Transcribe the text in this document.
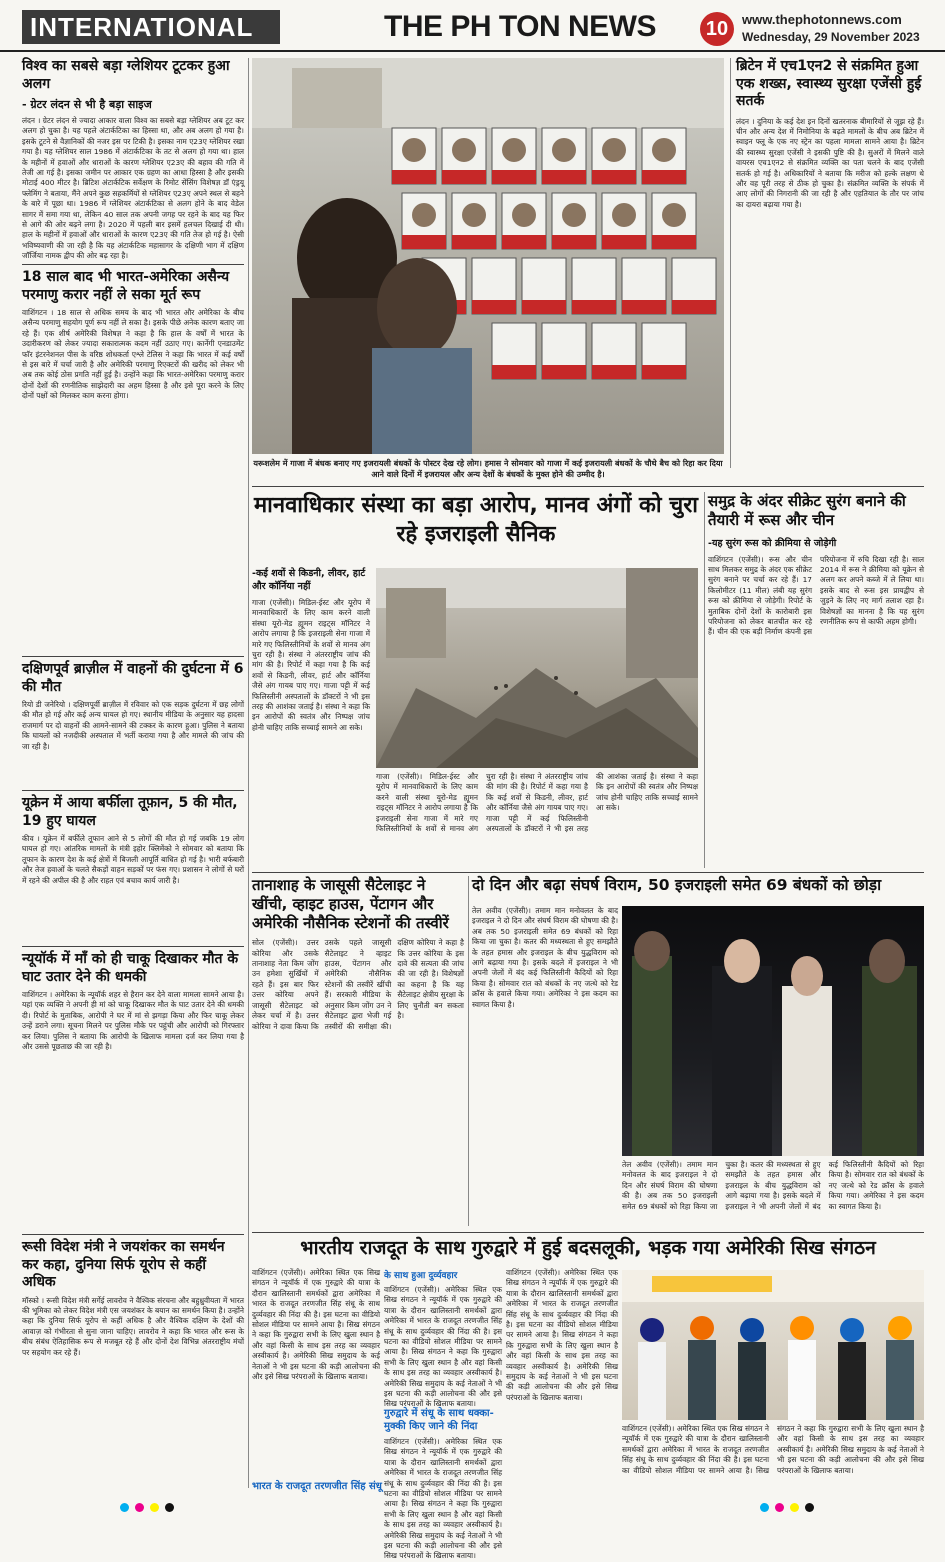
INTERNATIONAL	THE PH TON NEWS	10	www.thephotonnews.com
Wednesday, 29 November 2023
विश्व का सबसे बड़ा ग्लेशियर टूटकर हुआ अलग
- ग्रेटर लंदन से भी है बड़ा साइज
लंदन । ग्रेटर लंदन से ज्यादा आकार वाला विश्व का सबसे बड़ा ग्लेशियर अब टूट कर अलग हो चुका है। यह पहले अंटार्कटिका का हिस्सा था, और अब अलग हो गया है। इसके टूटने से वैज्ञानिकों की नजर इस पर टिकी है। इसका नाम ए23ए ग्लेशियर रखा गया है। यह ग्लेशियर साल 1986 में अंटार्कटिका के तट से अलग हो गया था। हाल के महीनों में हवाओं और धाराओं के कारण ग्लेशियर ए23ए की बहाव की गति में तेजी आ गई है। इसका जमीन पर आकार एक ग्रहण का आधा हिस्सा है और इसकी मोटाई 400 मीटर है। ब्रिटिश अंटार्कटिक सर्वेक्षण के रिमोट सेंसिंग विशेषज्ञ डॉ एंड्रयू फ्लेमिंग ने बताया, मैंने अपने कुछ सहकर्मियों से ग्लेशियर ए23ए अपने स्थल से बहने के बारे में पूछा था। 1986 में ग्लेशियर अंटार्कटिका से अलग होने के बाद वेडेल सागर में समा गया था, लेकिन 40 साल तक अपनी जगह पर रहने के बाद यह फिर से आगे की ओर बढ़ने लगा है। 2020 में पहली बार इसमें हलचल दिखाई दी थी। हाल के महीनों में हवाओं और धाराओं के कारण ए23ए की गति तेज हो गई है। ऐसी भविष्यवाणी की जा रही है कि यह अंटार्कटिक महासागर के दक्षिणी भाग में दक्षिण जॉर्जिया नामक द्वीप की ओर बढ़ रहा है।
18 साल बाद भी भारत-अमेरिका असैन्य परमाणु करार नहीं ले सका मूर्त रूप
वाशिंगटन । 18 साल से अधिक समय के बाद भी भारत और अमेरिका के बीच असैन्य परमाणु सहयोग पूर्ण रूप नहीं ले सका है। इसके पीछे अनेक कारण बताए जा रहे हैं। एक शीर्ष अमेरिकी विशेषज्ञ ने कहा है कि हाल के वर्षों में भारत के उदारीकरण को लेकर ज्यादा सकारात्मक कदम नहीं उठाए गए। कार्नेगी एनडाउमेंट फॉर इंटरनेशनल पीस के वरिष्ठ शोधकर्ता एश्ले टेलिस ने कहा कि भारत में कई वर्षों से इस बारे में चर्चा जारी है और अमेरिकी परमाणु रिएक्टरों की खरीद को लेकर भी अब तक कोई ठोस प्रगति नहीं हुई है। उन्होंने कहा कि भारत-अमेरिका परमाणु करार दोनों देशों की रणनीतिक साझेदारी का अहम हिस्सा है और इसे पूरा करने के लिए दोनों पक्षों को मिलकर काम करना होगा।
दक्षिणपूर्व ब्राज़ील में वाहनों की दुर्घटना में 6 की मौत
रियो डी जनेरियो । दक्षिणपूर्वी ब्राज़ील में रविवार को एक सड़क दुर्घटना में छह लोगों की मौत हो गई और कई अन्य घायल हो गए। स्थानीय मीडिया के अनुसार यह हादसा राजमार्ग पर दो वाहनों की आमने-सामने की टक्कर के कारण हुआ। पुलिस ने बताया कि घायलों को नजदीकी अस्पताल में भर्ती कराया गया है और मामले की जांच की जा रही है।
यूक्रेन में आया बर्फीला तूफ़ान, 5 की मौत, 19 हुए घायल
कीव । यूक्रेन में बर्फीले तूफान आने से 5 लोगों की मौत हो गई जबकि 19 लोग घायल हो गए। आंतरिक मामलों के मंत्री इहोर क्लिमेंको ने सोमवार को बताया कि तूफान के कारण देश के कई क्षेत्रों में बिजली आपूर्ति बाधित हो गई है। भारी बर्फबारी और तेज हवाओं के चलते सैकड़ों वाहन सड़कों पर फंस गए। प्रशासन ने लोगों से घरों में रहने की अपील की है और राहत एवं बचाव कार्य जारी है।
न्यूयॉर्क में माँ को ही चाकू दिखाकर मौत के घाट उतार देने की धमकी
वाशिंगटन । अमेरिका के न्यूयॉर्क शहर से हैरान कर देने वाला मामला सामने आया है। यहां एक व्यक्ति ने अपनी ही मां को चाकू दिखाकर मौत के घाट उतार देने की धमकी दी। रिपोर्ट के मुताबिक, आरोपी ने घर में मां से झगड़ा किया और फिर चाकू लेकर उन्हें डराने लगा। सूचना मिलने पर पुलिस मौके पर पहुंची और आरोपी को गिरफ्तार कर लिया। पुलिस ने बताया कि आरोपी के खिलाफ मामला दर्ज कर लिया गया है और उससे पूछताछ की जा रही है।
रूसी विदेश मंत्री ने जयशंकर का समर्थन कर कहा, दुनिया सिर्फ यूरोप से कहीं अधिक
मॉस्को । रूसी विदेश मंत्री सर्गेई लावरोव ने वैश्विक संरचना और बहुध्रुवीयता में भारत की भूमिका को लेकर विदेश मंत्री एस जयशंकर के बयान का समर्थन किया है। उन्होंने कहा कि दुनिया सिर्फ यूरोप से कहीं अधिक है और वैश्विक दक्षिण के देशों की आवाज़ को गंभीरता से सुना जाना चाहिए। लावरोव ने कहा कि भारत और रूस के बीच संबंध ऐतिहासिक रूप से मजबूत रहे हैं और दोनों देश विभिन्न अंतरराष्ट्रीय मंचों पर सहयोग कर रहे हैं।
यरूशलेम में गाजा में बंधक बनाए गए इजरायली बंधकों के पोस्टर देख रहे लोग। हमास ने सोमवार को गाजा में कई इजरायली बंधकों के चौथे बैच को रिहा कर दिया आने वाले दिनों में इजरायल और अन्य देशों के बंधकों के मुक्त होने की उम्मीद है।
ब्रिटेन में एच1एन2 से संक्रमित हुआ एक शख्स, स्वास्थ्य सुरक्षा एजेंसी हुई सतर्क
लंदन । दुनिया के कई देश इन दिनों खतरनाक बीमारियों से जूझ रहे हैं। चीन और अन्य देश में निमोनिया के बढ़ते मामलों के बीच अब ब्रिटेन में स्वाइन फ्लू के एक नए स्ट्रेन का पहला मामला सामने आया है। ब्रिटेन की स्वास्थ्य सुरक्षा एजेंसी ने इसकी पुष्टि की है। सुअरों में मिलने वाले वायरस एच1एन2 से संक्रमित व्यक्ति का पता चलने के बाद एजेंसी सतर्क हो गई है। अधिकारियों ने बताया कि मरीज को हल्के लक्षण थे और वह पूरी तरह से ठीक हो चुका है। संक्रमित व्यक्ति के संपर्क में आए लोगों की निगरानी की जा रही है और एहतियात के तौर पर जांच का दायरा बढ़ाया गया है।
मानवाधिकार संस्था का बड़ा आरोप, मानव अंगों को चुरा रहे इजराइली सैनिक
-कई शवों से किडनी, लीवर, हार्ट और कॉर्निया नहीं
गाजा (एजेंसी)। मिडिल-ईस्ट और यूरोप में मानवाधिकारों के लिए काम करने वाली संस्था यूरो-मेड ह्यूमन राइट्स मॉनिटर ने आरोप लगाया है कि इजराइली सेना गाजा में मारे गए फिलिस्तीनियों के शवों से मानव अंग चुरा रही है। संस्था ने अंतरराष्ट्रीय जांच की मांग की है। रिपोर्ट में कहा गया है कि कई शवों से किडनी, लीवर, हार्ट और कॉर्निया जैसे अंग गायब पाए गए। गाजा पट्टी में कई फिलिस्तीनी अस्पतालों के डॉक्टरों ने भी इस तरह की आशंका जताई है। संस्था ने कहा कि इन आरोपों की स्वतंत्र और निष्पक्ष जांच होनी चाहिए ताकि सच्चाई सामने आ सके।
गाजा (एजेंसी)। मिडिल-ईस्ट और यूरोप में मानवाधिकारों के लिए काम करने वाली संस्था यूरो-मेड ह्यूमन राइट्स मॉनिटर ने आरोप लगाया है कि इजराइली सेना गाजा में मारे गए फिलिस्तीनियों के शवों से मानव अंग चुरा रही है। संस्था ने अंतरराष्ट्रीय जांच की मांग की है। रिपोर्ट में कहा गया है कि कई शवों से किडनी, लीवर, हार्ट और कॉर्निया जैसे अंग गायब पाए गए। गाजा पट्टी में कई फिलिस्तीनी अस्पतालों के डॉक्टरों ने भी इस तरह की आशंका जताई है। संस्था ने कहा कि इन आरोपों की स्वतंत्र और निष्पक्ष जांच होनी चाहिए ताकि सच्चाई सामने आ सके।
समुद्र के अंदर सीक्रेट सुरंग बनाने की तैयारी में रूस और चीन
-यह सुरंग रूस को क्रीमिया से जोड़ेगी
वाशिंगटन (एजेंसी)। रूस और चीन साथ मिलकर समुद्र के अंदर एक सीक्रेट सुरंग बनाने पर चर्चा कर रहे हैं। 17 किलोमीटर (11 मील) लंबी यह सुरंग रूस को क्रीमिया से जोड़ेगी। रिपोर्ट के मुताबिक दोनों देशों के कारोबारी इस परियोजना को लेकर बातचीत कर रहे हैं। चीन की एक बड़ी निर्माण कंपनी इस परियोजना में रुचि दिखा रही है। साल 2014 में रूस ने क्रीमिया को यूक्रेन से अलग कर अपने कब्जे में ले लिया था। इसके बाद से रूस इस प्रायद्वीप से जुड़ने के लिए नए मार्ग तलाश रहा है। विशेषज्ञों का मानना है कि यह सुरंग रणनीतिक रूप से काफी अहम होगी।
तानाशाह के जासूसी सैटेलाइट ने खींची, व्हाइट हाउस, पेंटागन और अमेरिकी नौसैनिक स्टेशनों की तस्वीरें
सोल (एजेंसी)। उत्तर कोरिया और उसके तानाशाह नेता किम जोंग उन हमेशा सुर्खियों में रहते हैं। इस बार फिर उत्तर कोरिया अपने जासूसी सैटेलाइट को लेकर चर्चा में है। उत्तर कोरिया ने दावा किया कि उसके पहले जासूसी सैटेलाइट ने व्हाइट हाउस, पेंटागन और अमेरिकी नौसैनिक स्टेशनों की तस्वीरें खींची हैं। सरकारी मीडिया के अनुसार किम जोंग उन ने सैटेलाइट द्वारा भेजी गई तस्वीरों की समीक्षा की। दक्षिण कोरिया ने कहा है कि उत्तर कोरिया के इस दावे की सत्यता की जांच की जा रही है। विशेषज्ञों का कहना है कि यह सैटेलाइट क्षेत्रीय सुरक्षा के लिए चुनौती बन सकता है।
दो दिन और बढ़ा संघर्ष विराम, 50 इजराइली समेत 69 बंधकों को छोड़ा
तेल अवीव (एजेंसी)। तमाम मान मनोवलत के बाद इजराइल ने दो दिन और संघर्ष विराम की घोषणा की है। अब तक 50 इजराइली समेत 69 बंधकों को रिहा किया जा चुका है। कतर की मध्यस्थता से हुए समझौते के तहत हमास और इजराइल के बीच युद्धविराम को आगे बढ़ाया गया है। इसके बदले में इजराइल ने भी अपनी जेलों में बंद कई फिलिस्तीनी कैदियों को रिहा किया है। सोमवार रात को बंधकों के नए जत्थे को रेड क्रॉस के हवाले किया गया। अमेरिका ने इस कदम का स्वागत किया है।
तेल अवीव (एजेंसी)। तमाम मान मनोवलत के बाद इजराइल ने दो दिन और संघर्ष विराम की घोषणा की है। अब तक 50 इजराइली समेत 69 बंधकों को रिहा किया जा चुका है। कतर की मध्यस्थता से हुए समझौते के तहत हमास और इजराइल के बीच युद्धविराम को आगे बढ़ाया गया है। इसके बदले में इजराइल ने भी अपनी जेलों में बंद कई फिलिस्तीनी कैदियों को रिहा किया है। सोमवार रात को बंधकों के नए जत्थे को रेड क्रॉस के हवाले किया गया। अमेरिका ने इस कदम का स्वागत किया है।
भारतीय राजदूत के साथ गुरुद्वारे में हुई बदसलूकी, भड़क गया अमेरिकी सिख संगठन
वाशिंगटन (एजेंसी)। अमेरिका स्थित एक सिख संगठन ने न्यूयॉर्क में एक गुरुद्वारे की यात्रा के दौरान खालिस्तानी समर्थकों द्वारा अमेरिका में भारत के राजदूत तरणजीत सिंह संधू के साथ दुर्व्यवहार की निंदा की है। इस घटना का वीडियो सोशल मीडिया पर सामने आया है। सिख संगठन ने कहा कि गुरुद्वारा सभी के लिए खुला स्थान है और वहां किसी के साथ इस तरह का व्यवहार अस्वीकार्य है। अमेरिकी सिख समुदाय के कई नेताओं ने भी इस घटना की कड़ी आलोचना की और इसे सिख परंपराओं के खिलाफ बताया।
के साथ हुआ दुर्व्यवहार
वाशिंगटन (एजेंसी)। अमेरिका स्थित एक सिख संगठन ने न्यूयॉर्क में एक गुरुद्वारे की यात्रा के दौरान खालिस्तानी समर्थकों द्वारा अमेरिका में भारत के राजदूत तरणजीत सिंह संधू के साथ दुर्व्यवहार की निंदा की है। इस घटना का वीडियो सोशल मीडिया पर सामने आया है। सिख संगठन ने कहा कि गुरुद्वारा सभी के लिए खुला स्थान है और वहां किसी के साथ इस तरह का व्यवहार अस्वीकार्य है। अमेरिकी सिख समुदाय के कई नेताओं ने भी इस घटना की कड़ी आलोचना की और इसे सिख परंपराओं के खिलाफ बताया।
गुरुद्वारे में संधू के साथ धक्का-मुक्की किए जाने की निंदा
वाशिंगटन (एजेंसी)। अमेरिका स्थित एक सिख संगठन ने न्यूयॉर्क में एक गुरुद्वारे की यात्रा के दौरान खालिस्तानी समर्थकों द्वारा अमेरिका में भारत के राजदूत तरणजीत सिंह संधू के साथ दुर्व्यवहार की निंदा की है। इस घटना का वीडियो सोशल मीडिया पर सामने आया है। सिख संगठन ने कहा कि गुरुद्वारा सभी के लिए खुला स्थान है और वहां किसी के साथ इस तरह का व्यवहार अस्वीकार्य है। अमेरिकी सिख समुदाय के कई नेताओं ने भी इस घटना की कड़ी आलोचना की और इसे सिख परंपराओं के खिलाफ बताया।
वाशिंगटन (एजेंसी)। अमेरिका स्थित एक सिख संगठन ने न्यूयॉर्क में एक गुरुद्वारे की यात्रा के दौरान खालिस्तानी समर्थकों द्वारा अमेरिका में भारत के राजदूत तरणजीत सिंह संधू के साथ दुर्व्यवहार की निंदा की है। इस घटना का वीडियो सोशल मीडिया पर सामने आया है। सिख संगठन ने कहा कि गुरुद्वारा सभी के लिए खुला स्थान है और वहां किसी के साथ इस तरह का व्यवहार अस्वीकार्य है। अमेरिकी सिख समुदाय के कई नेताओं ने भी इस घटना की कड़ी आलोचना की और इसे सिख परंपराओं के खिलाफ बताया।
वाशिंगटन (एजेंसी)। अमेरिका स्थित एक सिख संगठन ने न्यूयॉर्क में एक गुरुद्वारे की यात्रा के दौरान खालिस्तानी समर्थकों द्वारा अमेरिका में भारत के राजदूत तरणजीत सिंह संधू के साथ दुर्व्यवहार की निंदा की है। इस घटना का वीडियो सोशल मीडिया पर सामने आया है। सिख संगठन ने कहा कि गुरुद्वारा सभी के लिए खुला स्थान है और वहां किसी के साथ इस तरह का व्यवहार अस्वीकार्य है। अमेरिकी सिख समुदाय के कई नेताओं ने भी इस घटना की कड़ी आलोचना की और इसे सिख परंपराओं के खिलाफ बताया।
भारत के राजदूत तरणजीत सिंह संधू
